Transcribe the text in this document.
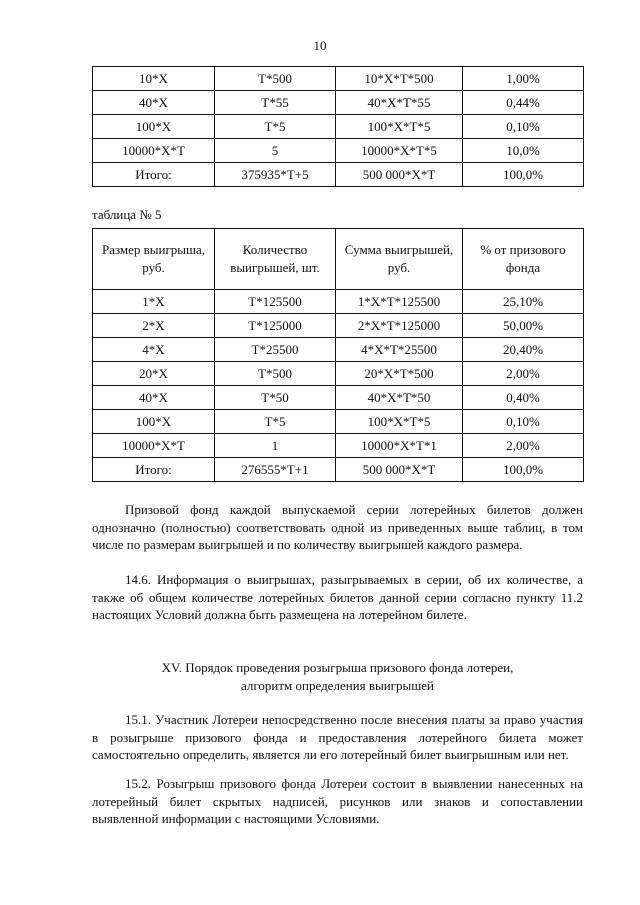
10
10*X	T*500	10*X*T*500	1,00%
40*X	T*55	40*X*T*55	0,44%
100*X	T*5	100*X*T*5	0,10%
10000*X*T	5	10000*X*T*5	10,0%
Итого:	375935*T+5	500 000*X*T	100,0%
таблица № 5
Размер выигрыша, руб.	Количество выигрышей, шт.	Сумма выигрышей, руб.	% от призового фонда
1*X	T*125500	1*X*T*125500	25,10%
2*X	T*125000	2*X*T*125000	50,00%
4*X	T*25500	4*X*T*25500	20,40%
20*X	T*500	20*X*T*500	2,00%
40*X	T*50	40*X*T*50	0,40%
100*X	T*5	100*X*T*5	0,10%
10000*X*T	1	10000*X*T*1	2,00%
Итого:	276555*T+1	500 000*X*T	100,0%

Призовой фонд каждой выпускаемой серии лотерейных билетов должен однозначно (полностью) соответствовать одной из приведенных выше таблиц, в том числе по размерам выигрышей и по количеству выигрышей каждого размера.

14.6. Информация о выигрышах, разыгрываемых в серии, об их количестве, а также об общем количестве лотерейных билетов данной серии согласно пункту 11.2 настоящих Условий должна быть размещена на лотерейном билете.

XV. Порядок проведения розыгрыша призового фонда лотереи,

алгоритм определения выигрышей

15.1. Участник Лотереи непосредственно после внесения платы за право участия в розыгрыше призового фонда и предоставления лотерейного билета может самостоятельно определить, является ли его лотерейный билет выигрышным или нет.

15.2. Розыгрыш призового фонда Лотереи состоит в выявлении нанесенных на лотерейный билет скрытых надписей, рисунков или знаков и сопоставлении выявленной информации с настоящими Условиями.
